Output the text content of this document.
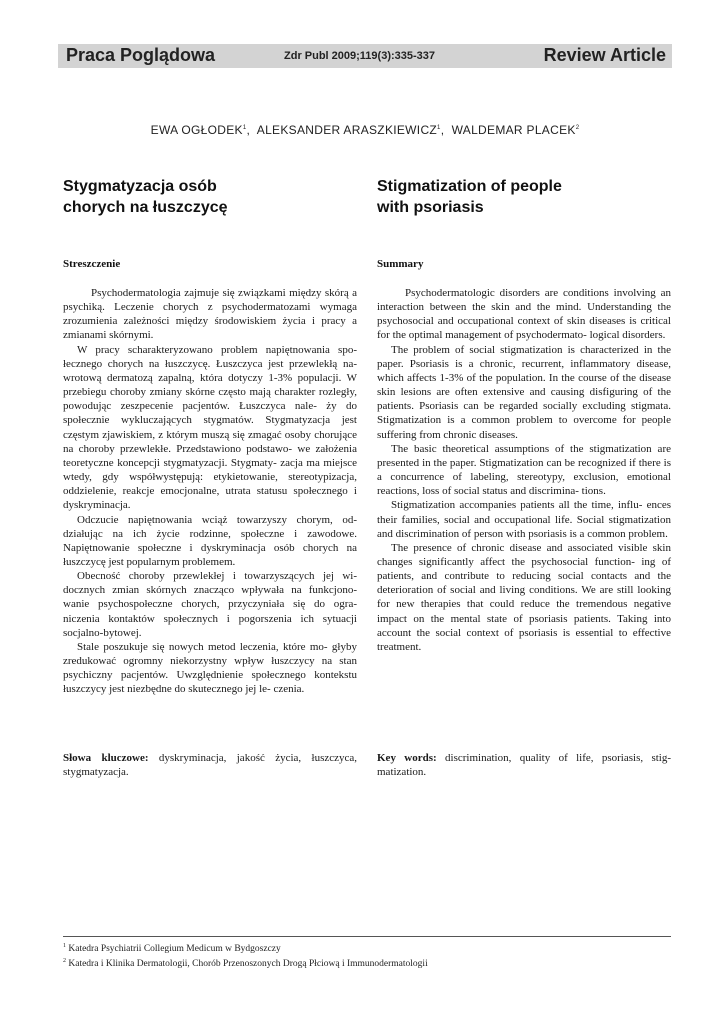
Praca Poglądowa	Zdr Publ 2009;119(3):335-337	Review Article
EWA OGŁODEK$^1$,  ALEKSANDER ARASZKIEWICZ$^1$,  WALDEMAR PLACEK$^2$
Stygmatyzacja osób
chorych na łuszczycę
Stigmatization of people
with psoriasis
Streszczenie	Summary

Psychodermatologia zajmuje się związkami między skórą a psychiką. Leczenie chorych z psychodermatozami wymaga zrozumienia zależności między środowiskiem życia i pracy a zmianami skórnymi.

W pracy scharakteryzowano problem napiętnowania spo- łecznego chorych na łuszczycę. Łuszczyca jest przewlekłą na- wrotową dermatozą zapalną, która dotyczy 1-3% populacji. W przebiegu choroby zmiany skórne często mają charakter rozległy, powodując zeszpecenie pacjentów. Łuszczyca nale- ży do społecznie wykluczających stygmatów. Stygmatyzacja jest częstym zjawiskiem, z którym muszą się zmagać osoby chorujące na choroby przewlekłe. Przedstawiono podstawo- we założenia teoretyczne koncepcji stygmatyzacji. Stygmaty- zacja ma miejsce wtedy, gdy współwystępują: etykietowanie, stereotypizacja, oddzielenie, reakcje emocjonalne, utrata statusu społecznego i dyskryminacja.

Odczucie napiętnowania wciąż towarzyszy chorym, od- działując na ich życie rodzinne, społeczne i zawodowe. Napiętnowanie społeczne i dyskryminacja osób chorych na łuszczycę jest popularnym problemem.

Obecność choroby przewlekłej i towarzyszących jej wi- docznych zmian skórnych znacząco wpływała na funkcjono- wanie psychospołeczne chorych, przyczyniała się do ogra- niczenia kontaktów społecznych i pogorszenia ich sytuacji socjalno-bytowej.

Stale poszukuje się nowych metod leczenia, które mo- głyby zredukować ogromny niekorzystny wpływ łuszczycy na stan psychiczny pacjentów. Uwzględnienie społecznego kontekstu łuszczycy jest niezbędne do skutecznego jej le- czenia.

Psychodermatologic disorders are conditions involving an interaction between the skin and the mind. Understanding the psychosocial and occupational context of skin diseases is critical for the optimal management of psychodermato- logical disorders.

The problem of social stigmatization is characterized in the paper. Psoriasis is a chronic, recurrent, inflammatory disease, which affects 1-3% of the population. In the course of the disease skin lesions are often extensive and causing disfiguring of the patients. Psoriasis can be regarded socially excluding stigmata. Stigmatization is a common problem to overcome for people suffering from chronic diseases.

The basic theoretical assumptions of the stigmatization are presented in the paper. Stigmatization can be recognized if there is a concurrence of labeling, stereotypy, exclusion, emotional reactions, loss of social status and discrimina- tions.

Stigmatization accompanies patients all the time, influ- ences their families, social and occupational life. Social stigmatization and discrimination of person with psoriasis is a common problem.

The presence of chronic disease and associated visible skin changes significantly affect the psychosocial function- ing of patients, and contribute to reducing social contacts and the deterioration of social and living conditions. We are still looking for new therapies that could reduce the tremendous negative impact on the mental state of psoriasis patients. Taking into account the social context of psoriasis is essential to effective treatment.

Słowa kluczowe: dyskryminacja, jakość życia, łuszczyca, stygmatyzacja.
Key words: discrimination, quality of life, psoriasis, stig- matization.
$^1$ Katedra Psychiatrii Collegium Medicum w Bydgoszczy
$^2$ Katedra i Klinika Dermatologii, Chorób Przenoszonych Drogą Płciową i Immunodermatologii
